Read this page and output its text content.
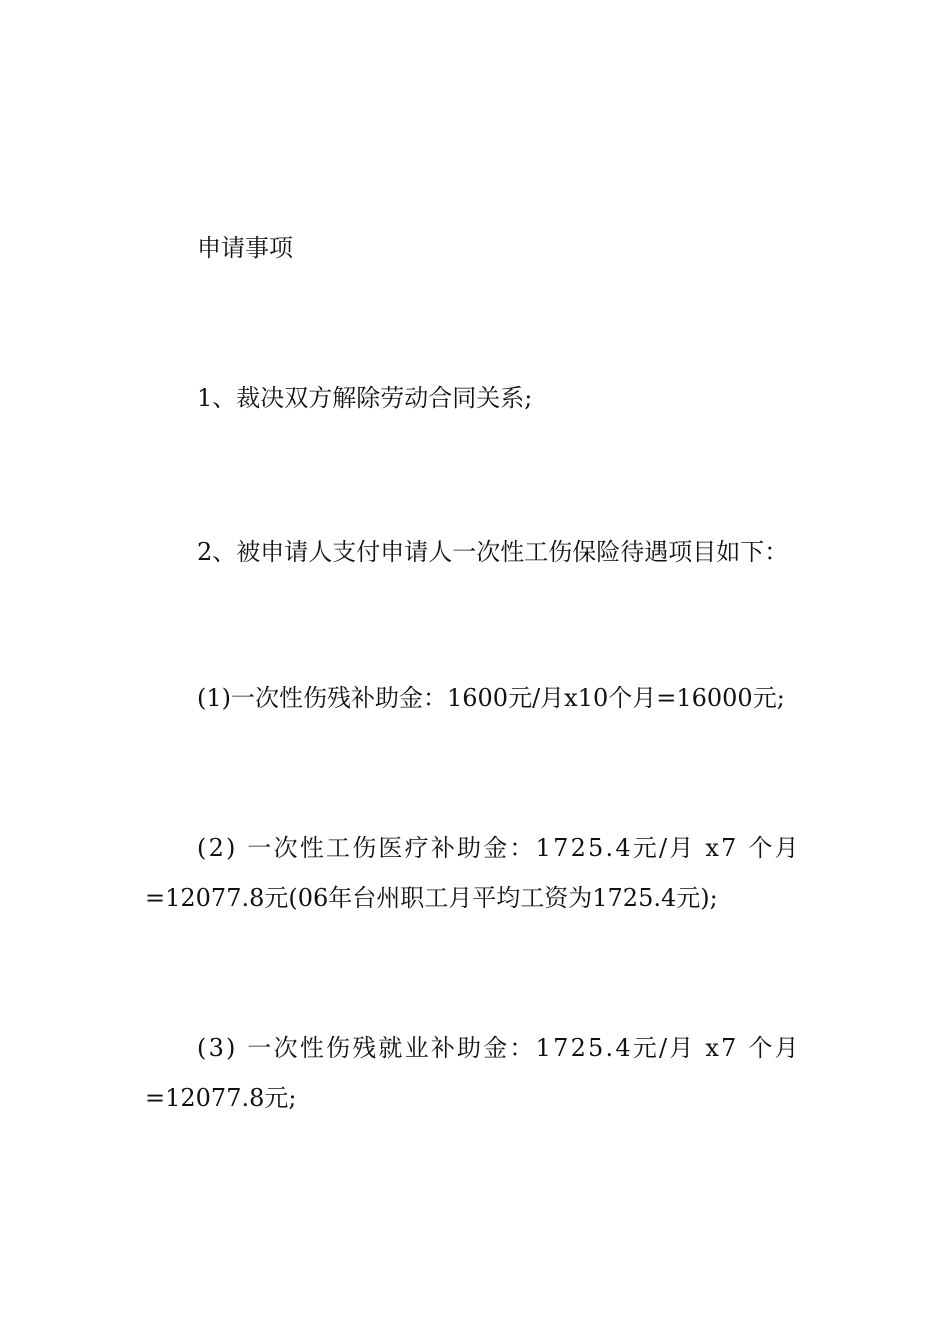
申请事项

1、裁决双方解除劳动合同关系;

2、被申请人支付申请人一次性工伤保险待遇项目如下：

(1)一次性伤残补助金：1600元/月x10个月=16000元;

(2) 一次性工伤医疗补助金：1725.4元/月 x7 个月
=12077.8元(06年台州职工月平均工资为1725.4元);

(3) 一次性伤残就业补助金：1725.4元/月 x7 个月
=12077.8元;
